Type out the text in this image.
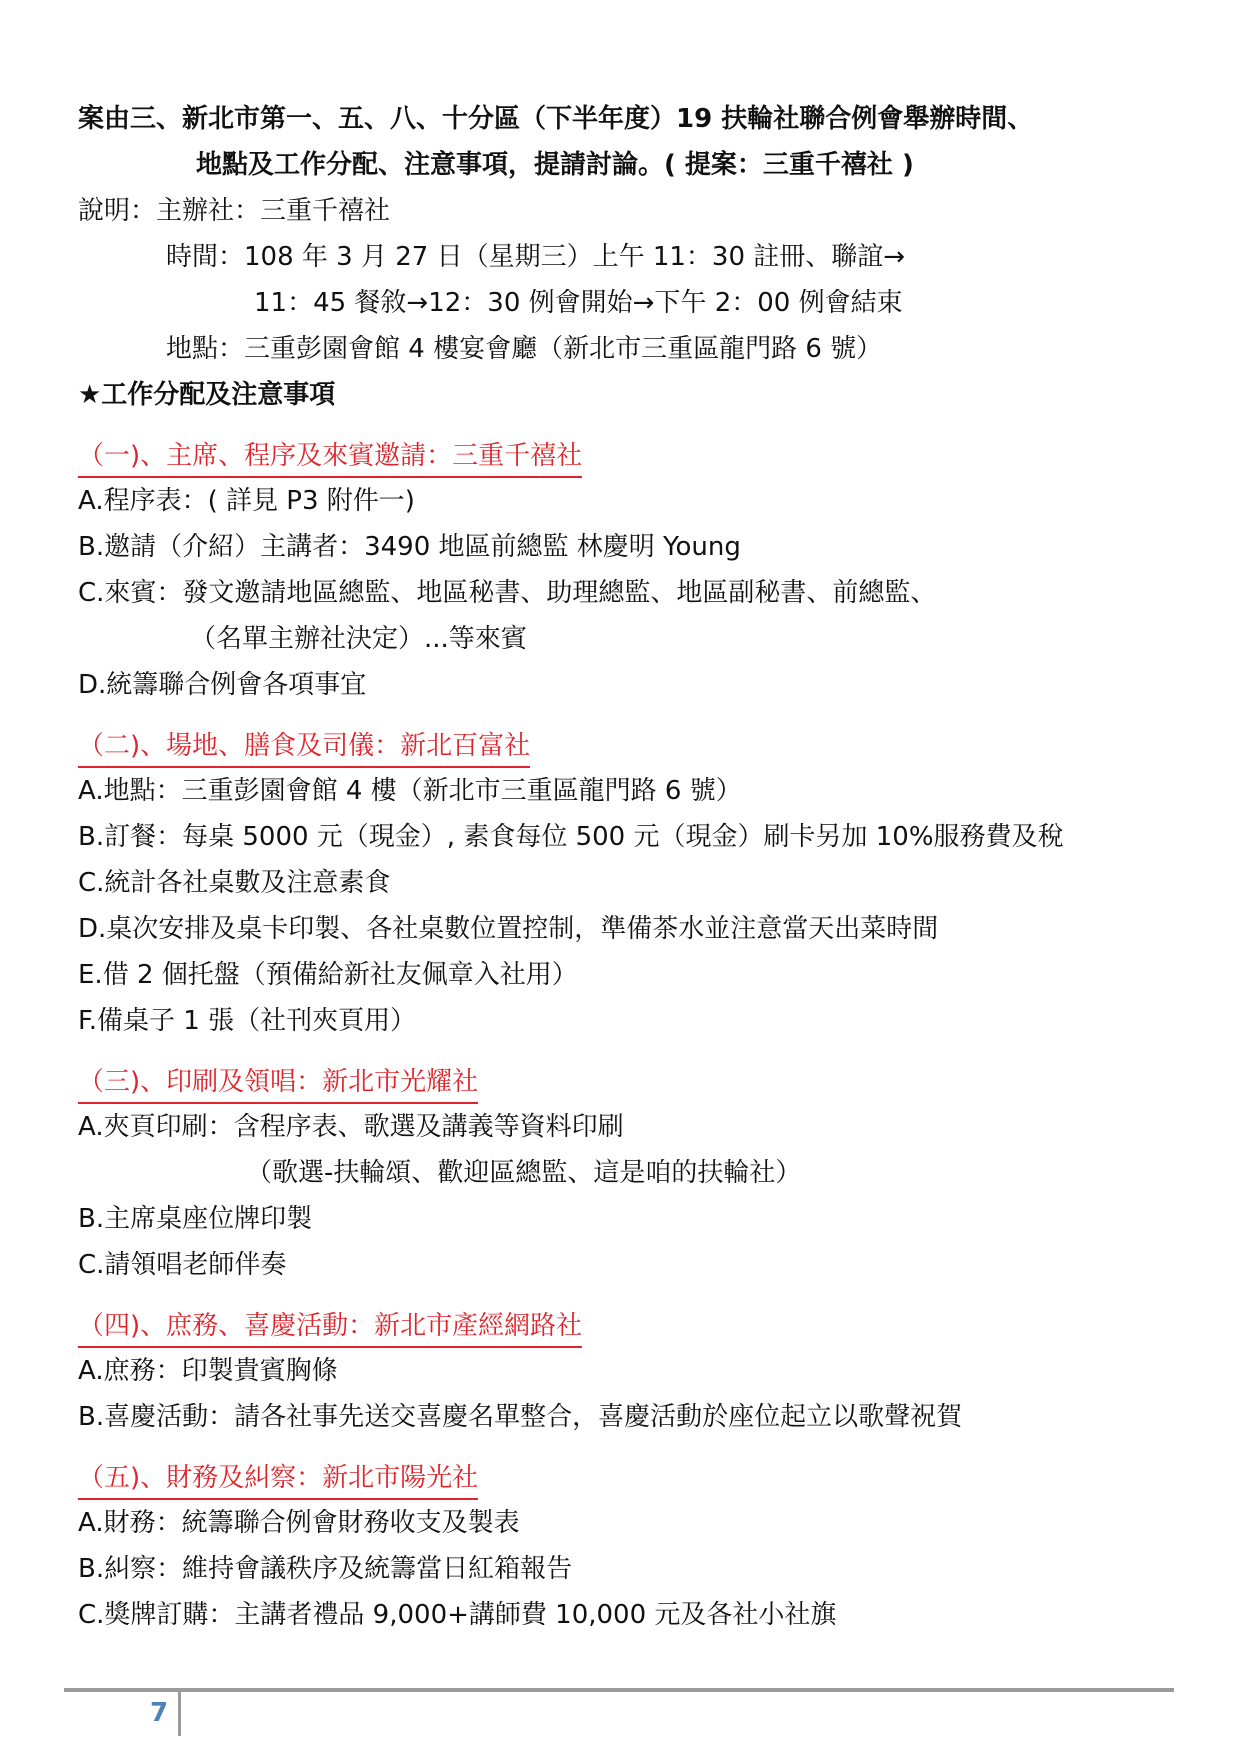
案由三、新北市第一、五、八、十分區（下半年度）19 扶輪社聯合例會舉辦時間、
地點及工作分配、注意事項，提請討論。( 提案：三重千禧社 )
說明：主辦社：三重千禧社
時間：108 年 3 月 27 日（星期三）上午 11：30 註冊、聯誼→
11：45 餐敘→12：30 例會開始→下午 2：00 例會結束
地點：三重彭園會館 4 樓宴會廳（新北市三重區龍門路 6 號）
★工作分配及注意事項
（一)、主席、程序及來賓邀請：三重千禧社
A.程序表：( 詳見 P3 附件一)
B.邀請（介紹）主講者：3490 地區前總監 林慶明 Young
C.來賓：發文邀請地區總監、地區秘書、助理總監、地區副秘書、前總監、
（名單主辦社決定）...等來賓
D.統籌聯合例會各項事宜
（二)、場地、膳食及司儀：新北百富社
A.地點：三重彭園會館 4 樓（新北市三重區龍門路 6 號）
B.訂餐：每桌 5000 元（現金）, 素食每位 500 元（現金）刷卡另加 10%服務費及稅
C.統計各社桌數及注意素食
D.桌次安排及桌卡印製、各社桌數位置控制，準備茶水並注意當天出菜時間
E.借 2 個托盤（預備給新社友佩章入社用）
F.備桌子 1 張（社刊夾頁用）
（三)、印刷及領唱：新北市光耀社
A.夾頁印刷：含程序表、歌選及講義等資料印刷
（歌選-扶輪頌、歡迎區總監、這是咱的扶輪社）
B.主席桌座位牌印製
C.請領唱老師伴奏
（四)、庶務、喜慶活動：新北市產經網路社
A.庶務：印製貴賓胸條
B.喜慶活動：請各社事先送交喜慶名單整合，喜慶活動於座位起立以歌聲祝賀
（五)、財務及糾察：新北市陽光社
A.財務：統籌聯合例會財務收支及製表
B.糾察：維持會議秩序及統籌當日紅箱報告
C.獎牌訂購：主講者禮品 9,000+講師費 10,000 元及各社小社旗
7
